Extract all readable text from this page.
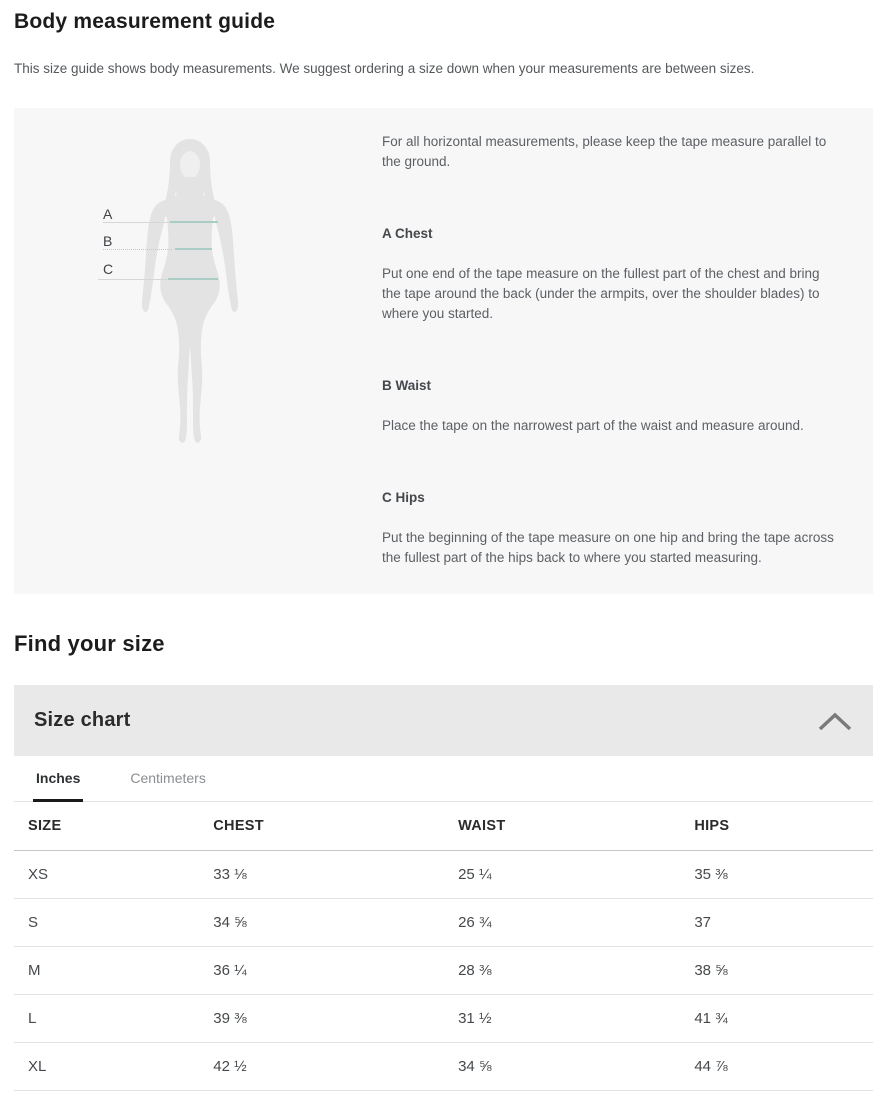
Body measurement guide

This size guide shows body measurements. We suggest ordering a size down when your measurements are between sizes.

A
B
C

For all horizontal measurements, please keep the tape measure parallel to the ground.

A Chest

Put one end of the tape measure on the fullest part of the chest and bring the tape around the back (under the armpits, over the shoulder blades) to where you started.

B Waist

Place the tape on the narrowest part of the waist and measure around.

C Hips

Put the beginning of the tape measure on one hip and bring the tape across the fullest part of the hips back to where you started measuring.

Find your size
Size chart
Inches	Centimeters
SIZE	CHEST	WAIST	HIPS
XS	33 ⅛	25 ¼	35 ⅜
S	34 ⅝	26 ¾	37
M	36 ¼	28 ⅜	38 ⅝
L	39 ⅜	31 ½	41 ¾
XL	42 ½	34 ⅝	44 ⅞
